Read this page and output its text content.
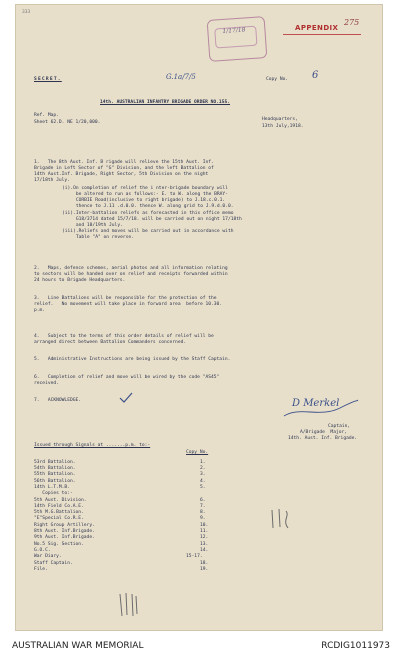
333
1/17/18	APPENDIX
275
SECRET.	G.1a/7/5	Copy No. 6
14th. AUSTRALIAN INFANTRY BRIGADE ORDER NO.155.
Ref. Map.
Sheet 62.D. NE 1/20,000.
Headquarters,
13th July,1918.
1.   The 8th Aust. Inf. B rigade will relieve the 15th Aust. Inf.
Brigade in Left Sector of "G" Division, and the left Battalion of
14th Aust.Inf. Brigade, Right Sector, 5th Division on the night
17/18th July.
(i).On completion of relief the i nter-brigade boundary will
be altered to run as follows:- E. to W. along the BRAY-
CORBIE Road(inclusive to right brigade) to J.18.c.0.1.
thence to J.11 .d.0.0. thence W. along grid to J.9.d.0.0.
(ii).Inter-battalion reliefs as forecasted in this office memo
G18/3714 dated 15/7/18. will be carried out on night 17/18th
and 18/19th July.
(iii).Reliefs and moves will be carried out in accordance with
Table "A" on reverse.
2.   Maps, defence schemes, aerial photos and all information relating
to sectors will be handed over on relief and receipts forwarded within
24 hours to Brigade Headquarters.
3.   Line Battalions will be responsible for the protection of the
relief.   No movement will take place in forward area  before 10.30.
p.m.
4.   Subject to the terms of this order details of relief will be
arranged direct between Battalion Commanders concerned.
5.   Administrative Instructions are being issued by the Staff Captain.
6.   Completion of relief and move will be wired by the code "AS45"
received.
7.   ACKNOWLEDGE.	D Merkel
Captain,
A/Brigade  Major,
14th. Aust. Inf. Brigade.
Issued through Signals at .......p.m. to:-
Copy No.
53rd Battalion.	1.
54th Battalion.	2.
55th Battalion.	3.
56th Battalion.	4.
14th L.T.M.B.	5.
Copies to:-
5th Aust. Division.	6.
14th Field Co.A.E.	7.
5th M.G.Battalion.	8.
"E"Special Co.R.E.	9.
Right Group Artillery.	10.
8th Aust. Inf.Brigade.	11.
9th Aust. Inf.Brigade.	12.
No.5 Sig. Section.	13.
G.O.C.	14.
War Diary.	15-17.
Staff Captain.	18.
File.	19.
AUSTRALIAN WAR MEMORIAL	RCDIG1011973
